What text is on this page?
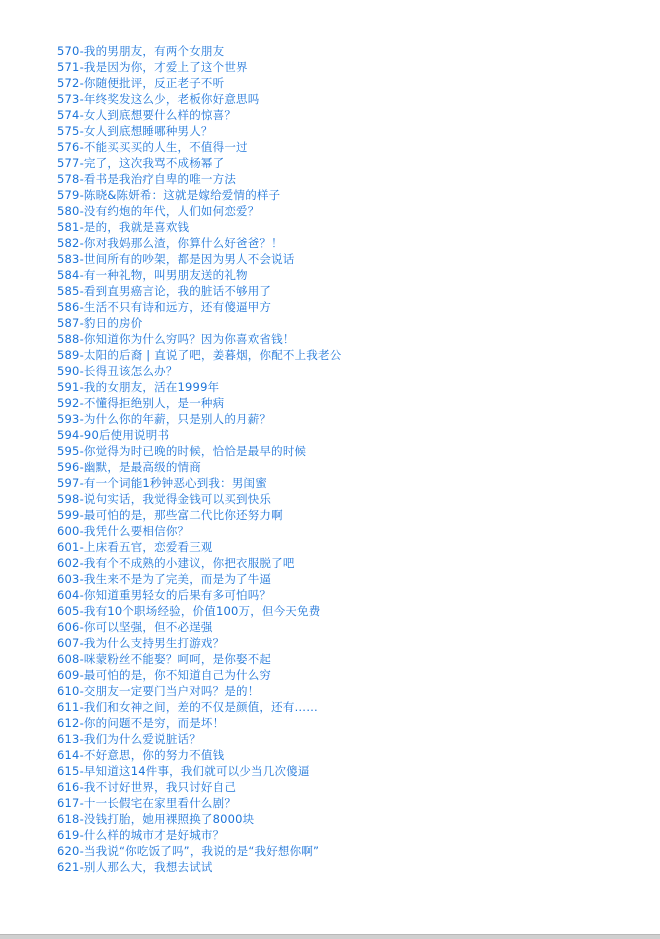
570-我的男朋友，有两个女朋友
571-我是因为你，才爱上了这个世界
572-你随便批评，反正老子不听
573-年终奖发这么少，老板你好意思吗
574-女人到底想要什么样的惊喜？
575-女人到底想睡哪种男人？
576-不能买买买的人生，不值得一过
577-完了，这次我骂不成杨幂了
578-看书是我治疗自卑的唯一方法
579-陈晓&陈妍希：这就是嫁给爱情的样子
580-没有约炮的年代，人们如何恋爱？
581-是的，我就是喜欢钱
582-你对我妈那么渣，你算什么好爸爸？！
583-世间所有的吵架，都是因为男人不会说话
584-有一种礼物，叫男朋友送的礼物
585-看到直男癌言论，我的脏话不够用了
586-生活不只有诗和远方，还有傻逼甲方
587-豹日的房价
588-你知道你为什么穷吗？因为你喜欢省钱！
589-太阳的后裔 | 直说了吧，姜暮烟，你配不上我老公
590-长得丑该怎么办？
591-我的女朋友，活在1999年
592-不懂得拒绝别人，是一种病
593-为什么你的年薪，只是别人的月薪？
594-90后使用说明书
595-你觉得为时已晚的时候，恰恰是最早的时候
596-幽默，是最高级的情商
597-有一个词能1秒钟恶心到我：男闺蜜
598-说句实话，我觉得金钱可以买到快乐
599-最可怕的是，那些富二代比你还努力啊
600-我凭什么要相信你？
601-上床看五官，恋爱看三观
602-我有个不成熟的小建议，你把衣服脱了吧
603-我生来不是为了完美，而是为了牛逼
604-你知道重男轻女的后果有多可怕吗？
605-我有10个职场经验，价值100万，但今天免费
606-你可以坚强，但不必逞强
607-我为什么支持男生打游戏？
608-咪蒙粉丝不能娶？呵呵，是你娶不起
609-最可怕的是，你不知道自己为什么穷
610-交朋友一定要门当户对吗？是的！
611-我们和女神之间，差的不仅是颜值，还有……
612-你的问题不是穷，而是坏！
613-我们为什么爱说脏话？
614-不好意思，你的努力不值钱
615-早知道这14件事，我们就可以少当几次傻逼
616-我不讨好世界，我只讨好自己
617-十一长假宅在家里看什么剧？
618-没钱打胎，她用裸照换了8000块
619-什么样的城市才是好城市？
620-当我说“你吃饭了吗”，我说的是“我好想你啊”
621-别人那么大，我想去试试
